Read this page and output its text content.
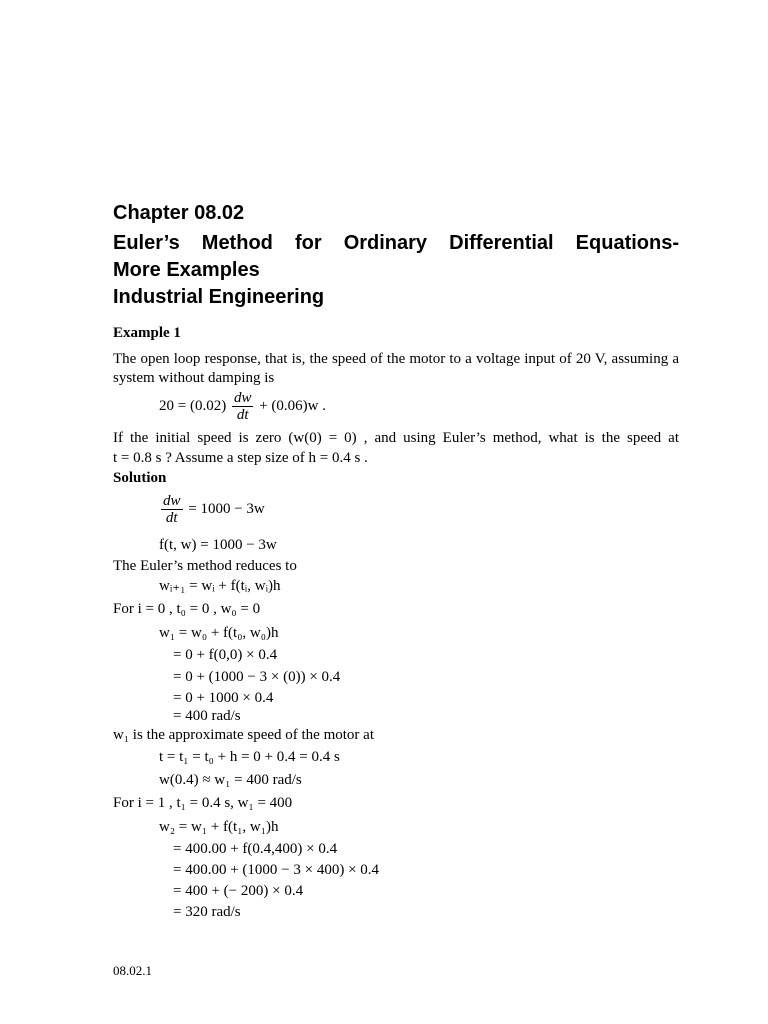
Chapter 08.02
Euler’s Method for Ordinary Differential Equations-
More Examples
Industrial Engineering
Example 1
The open loop response, that is, the speed of the motor to a voltage input of 20 V, assuming a
system without damping is
$20 = (0.02) \frac{dw}{dt} + (0.06)w$ .
If the initial speed is zero (w(0) = 0) , and using Euler’s method, what is the speed at
t = 0.8 s ? Assume a step size of h = 0.4 s .
Solution
$\frac{dw}{dt} = 1000 - 3w$
f(t, w) = 1000 − 3w
The Euler’s method reduces to
wᵢ₊₁ = wᵢ + f(tᵢ, wᵢ)h
For i = 0 , t₀ = 0 , w₀ = 0
w₁ = w₀ + f(t₀, w₀)h
= 0 + f(0,0) × 0.4
= 0 + (1000 − 3 × (0)) × 0.4
= 0 + 1000 × 0.4
= 400 rad/s
w₁ is the approximate speed of the motor at
t = t₁ = t₀ + h = 0 + 0.4 = 0.4 s
w(0.4) ≈ w₁ = 400 rad/s
For i = 1 , t₁ = 0.4 s, w₁ = 400
w₂ = w₁ + f(t₁, w₁)h
= 400.00 + f(0.4,400) × 0.4
= 400.00 + (1000 − 3 × 400) × 0.4
= 400 + (− 200) × 0.4
= 320 rad/s
08.02.1
